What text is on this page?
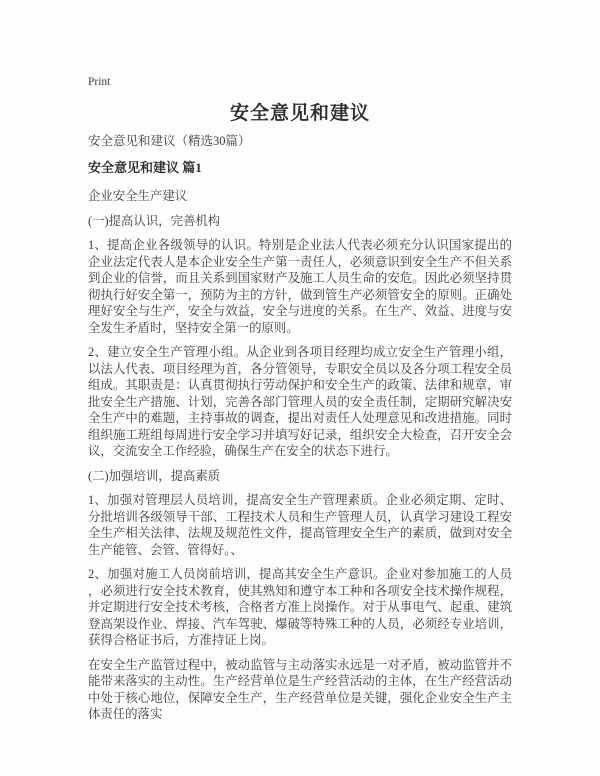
Print
安全意见和建议

安全意见和建议（精选30篇）

安全意见和建议 篇1

企业安全生产建议

(一)提高认识，完善机构

1、提高企业各级领导的认识。特别是企业法人代表必须充分认识国家提出的企业法定代表人是本企业安全生产第一责任人，必须意识到安全生产不但关系到企业的信誉，而且关系到国家财产及施工人员生命的安危。因此必须坚持贯彻执行好安全第一，预防为主的方针，做到管生产必须管安全的原则。正确处理好安全与生产，安全与效益，安全与进度的关系。在生产、效益、进度与安全发生矛盾时，坚持安全第一的原则。

2、建立安全生产管理小组。从企业到各项目经理均成立安全生产管理小组，以法人代表、项目经理为首，各分管领导，专职安全员以及各分项工程安全员组成。其职责是：认真贯彻执行劳动保护和安全生产的政策、法律和规章，审批安全生产措施、计划，完善各部门管理人员的安全责任制，定期研究解决安全生产中的难题，主持事故的调查，提出对责任人处理意见和改进措施。同时组织施工班组每周进行安全学习并填写好记录，组织安全大检查，召开安全会议，交流安全工作经验，确保生产在安全的状态下进行。

(二)加强培训，提高素质

1、加强对管理层人员培训，提高安全生产管理素质。企业必须定期、定时、分批培训各级领导干部、工程技术人员和生产管理人员，认真学习建设工程安全生产相关法律、法规及规范性文件，提高管理安全生产的素质，做到对安全生产能管、会管、管得好。、

2、加强对施工人员岗前培训，提高其安全生产意识。企业对参加施工的人员，必须进行安全技术教育，使其熟知和遵守本工种和各项安全技术操作规程，并定期进行安全技术考核，合格者方准上岗操作。对于从事电气、起重、建筑登高架设作业、焊接、汽车驾驶、爆破等特殊工种的人员，必须经专业培训，获得合格证书后，方准持证上岗。

在安全生产监管过程中，被动监管与主动落实永远是一对矛盾，被动监管并不能带来落实的主动性。生产经营单位是生产经营活动的主体，在生产经营活动中处于核心地位，保障安全生产，生产经营单位是关键，强化企业安全生产主体责任的落实
